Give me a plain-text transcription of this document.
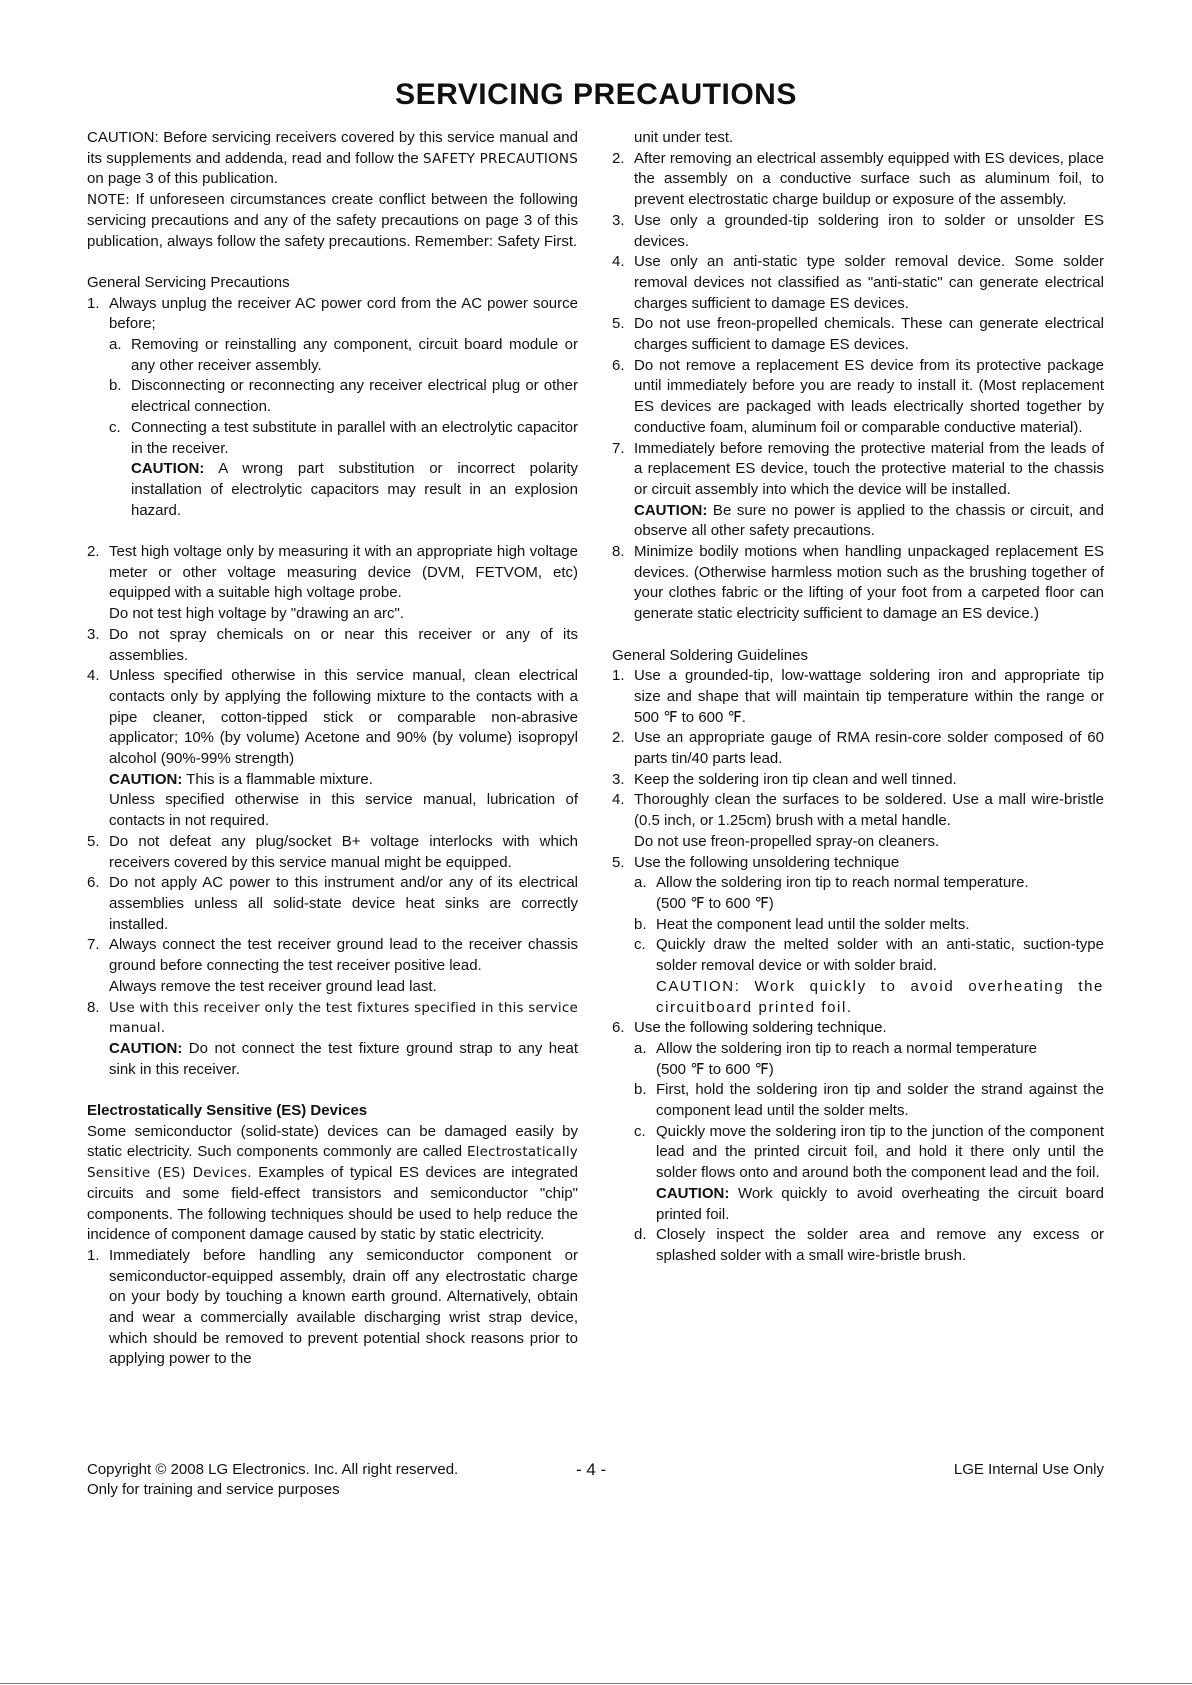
SERVICING PRECAUTIONS

CAUTION: Before servicing receivers covered by this service manual and its supplements and addenda, read and follow the SAFETY PRECAUTIONS on page 3 of this publication.

NOTE: If unforeseen circumstances create conflict between the following servicing precautions and any of the safety precautions on page 3 of this publication, always follow the safety precautions. Remember: Safety First.

General Servicing Precautions

1. Always unplug the receiver AC power cord from the AC power source before;
a. Removing or reinstalling any component, circuit board module or any other receiver assembly.
b. Disconnecting or reconnecting any receiver electrical plug or other electrical connection.
c. Connecting a test substitute in parallel with an electrolytic capacitor in the receiver.
CAUTION: A wrong part substitution or incorrect polarity installation of electrolytic capacitors may result in an explosion hazard.
2. Test high voltage only by measuring it with an appropriate high voltage meter or other voltage measuring device (DVM, FETVOM, etc) equipped with a suitable high voltage probe.
Do not test high voltage by "drawing an arc".
3. Do not spray chemicals on or near this receiver or any of its assemblies.
4. Unless specified otherwise in this service manual, clean electrical contacts only by applying the following mixture to the contacts with a pipe cleaner, cotton-tipped stick or comparable non-abrasive applicator; 10% (by volume) Acetone and 90% (by volume) isopropyl alcohol (90%-99% strength)
CAUTION: This is a flammable mixture.
Unless specified otherwise in this service manual, lubrication of contacts in not required.
5. Do not defeat any plug/socket B+ voltage interlocks with which receivers covered by this service manual might be equipped.
6. Do not apply AC power to this instrument and/or any of its electrical assemblies unless all solid-state device heat sinks are correctly installed.
7. Always connect the test receiver ground lead to the receiver chassis ground before connecting the test receiver positive lead.
Always remove the test receiver ground lead last.
8. Use with this receiver only the test fixtures specified in this service manual.
CAUTION: Do not connect the test fixture ground strap to any heat sink in this receiver.

Electrostatically Sensitive (ES) Devices

Some semiconductor (solid-state) devices can be damaged easily by static electricity. Such components commonly are called Electrostatically Sensitive (ES) Devices. Examples of typical ES devices are integrated circuits and some field-effect transistors and semiconductor "chip" components. The following techniques should be used to help reduce the incidence of component damage caused by static by static electricity.

1. Immediately before handling any semiconductor component or semiconductor-equipped assembly, drain off any electrostatic charge on your body by touching a known earth ground. Alternatively, obtain and wear a commercially available discharging wrist strap device, which should be removed to prevent potential shock reasons prior to applying power to the
unit under test.
2. After removing an electrical assembly equipped with ES devices, place the assembly on a conductive surface such as aluminum foil, to prevent electrostatic charge buildup or exposure of the assembly.
3. Use only a grounded-tip soldering iron to solder or unsolder ES devices.
4. Use only an anti-static type solder removal device. Some solder removal devices not classified as "anti-static" can generate electrical charges sufficient to damage ES devices.
5. Do not use freon-propelled chemicals. These can generate electrical charges sufficient to damage ES devices.
6. Do not remove a replacement ES device from its protective package until immediately before you are ready to install it. (Most replacement ES devices are packaged with leads electrically shorted together by conductive foam, aluminum foil or comparable conductive material).
7. Immediately before removing the protective material from the leads of a replacement ES device, touch the protective material to the chassis or circuit assembly into which the device will be installed.
CAUTION: Be sure no power is applied to the chassis or circuit, and observe all other safety precautions.
8. Minimize bodily motions when handling unpackaged replacement ES devices. (Otherwise harmless motion such as the brushing together of your clothes fabric or the lifting of your foot from a carpeted floor can generate static electricity sufficient to damage an ES device.)

General Soldering Guidelines

1. Use a grounded-tip, low-wattage soldering iron and appropriate tip size and shape that will maintain tip temperature within the range or 500 ℉ to 600 ℉.
2. Use an appropriate gauge of RMA resin-core solder composed of 60 parts tin/40 parts lead.
3. Keep the soldering iron tip clean and well tinned.
4. Thoroughly clean the surfaces to be soldered. Use a mall wire-bristle (0.5 inch, or 1.25cm) brush with a metal handle.
Do not use freon-propelled spray-on cleaners.
5. Use the following unsoldering technique
a. Allow the soldering iron tip to reach normal temperature.
(500 ℉ to 600 ℉)
b. Heat the component lead until the solder melts.
c. Quickly draw the melted solder with an anti-static, suction-type solder removal device or with solder braid.
CAUTION: Work quickly to avoid overheating the circuitboard printed foil.
6. Use the following soldering technique.
a. Allow the soldering iron tip to reach a normal temperature
(500 ℉ to 600 ℉)
b. First, hold the soldering iron tip and solder the strand against the component lead until the solder melts.
c. Quickly move the soldering iron tip to the junction of the component lead and the printed circuit foil, and hold it there only until the solder flows onto and around both the component lead and the foil.
CAUTION: Work quickly to avoid overheating the circuit board printed foil.
d. Closely inspect the solder area and remove any excess or splashed solder with a small wire-bristle brush.
Copyright © 2008 LG Electronics. Inc. All right reserved.
Only for training and service purposes
- 4 -	LGE Internal Use Only
